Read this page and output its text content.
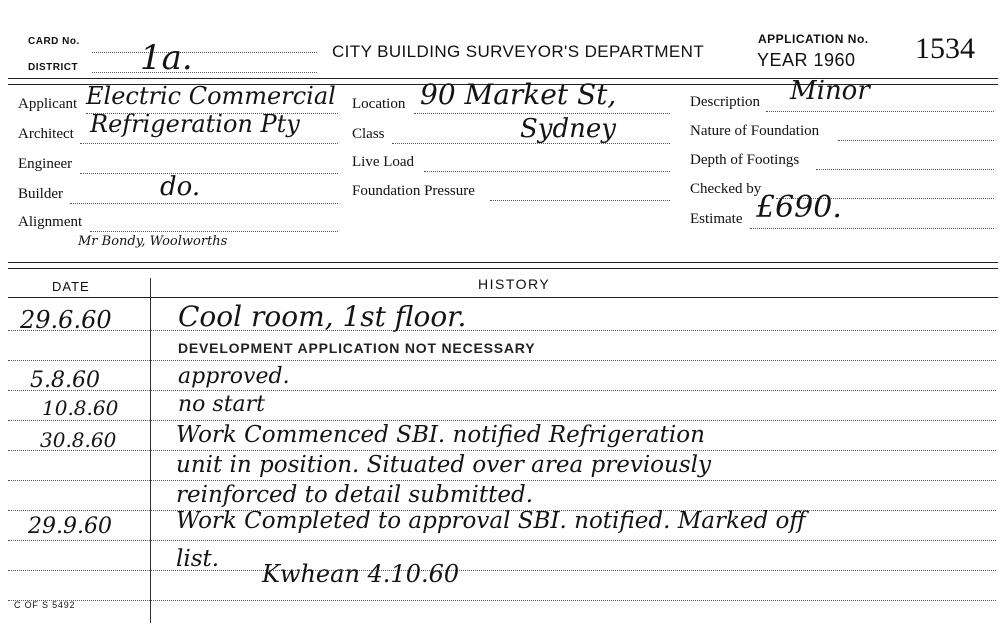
CARD No.
DISTRICT 1a.	CITY BUILDING SURVEYOR'S DEPARTMENT
APPLICATION No.
YEAR 1960 1534
Applicant Electric Commercial
Architect Refrigeration Pty
Engineer
Builder	do.
Alignment
Mr Bondy, Woolworths
Location 90 Market St,
Class	Sydney
Live Load
Foundation Pressure
Description Minor
Nature of Foundation
Depth of Footings
Checked by
Estimate £690.
DATE	HISTORY
29.6.60 Cool room, 1st floor.
DEVELOPMENT APPLICATION NOT NECESSARY
5.8.60	approved.
10.8.60	no start
30.8.60	Work Commenced SBI. notified Refrigeration
unit in position. Situated over area previously
reinforced to detail submitted.
29.9.60	Work Completed to approval SBI. notified. Marked off
list.
Kwhean 4.10.60
C OF S 5492
